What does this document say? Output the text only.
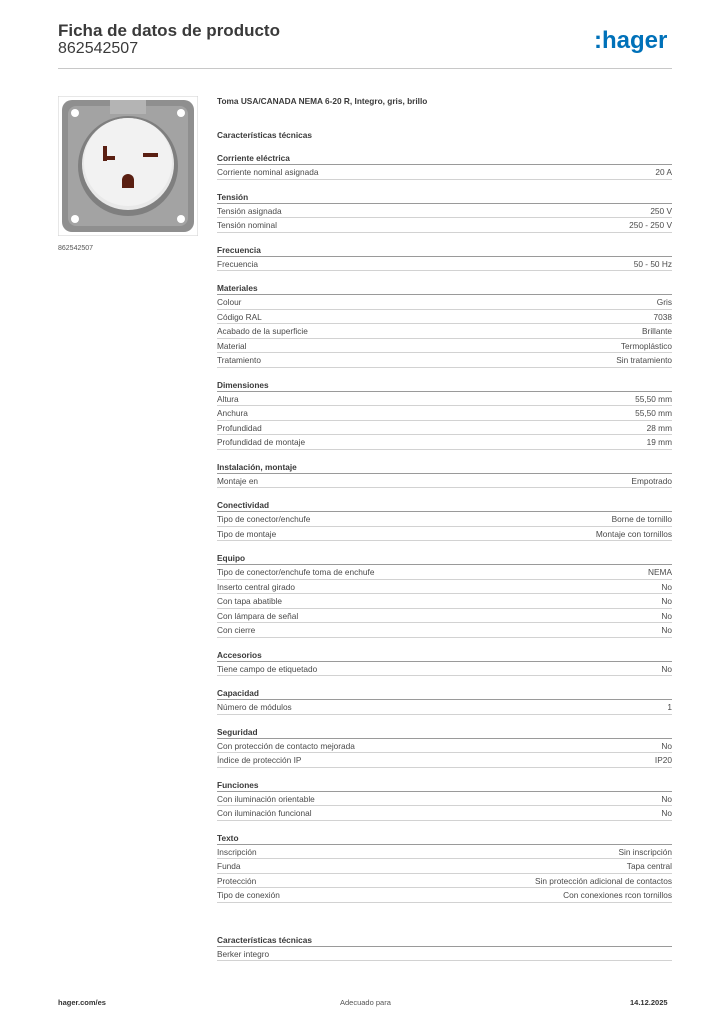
Ficha de datos de producto
862542507	:hager
862542507
Toma USA/CANADA NEMA 6-20 R, Integro, gris, brillo
Características técnicas
Corriente eléctrica
Corriente nominal asignada	20 A
Tensión
Tensión asignada	250 V
Tensión nominal	250 - 250 V
Frecuencia
Frecuencia	50 - 50 Hz
Materiales
Colour	Gris
Código RAL	7038
Acabado de la superficie	Brillante
Material	Termoplástico
Tratamiento	Sin tratamiento
Dimensiones
Altura	55,50 mm
Anchura	55,50 mm
Profundidad	28 mm
Profundidad de montaje	19 mm
Instalación, montaje
Montaje en	Empotrado
Conectividad
Tipo de conector/enchufe	Borne de tornillo
Tipo de montaje	Montaje con tornillos
Equipo
Tipo de conector/enchufe toma de enchufe	NEMA
Inserto central girado	No
Con tapa abatible	No
Con lámpara de señal	No
Con cierre	No
Accesorios
Tiene campo de etiquetado	No
Capacidad
Número de módulos	1
Seguridad
Con protección de contacto mejorada	No
Índice de protección IP	IP20
Funciones
Con iluminación orientable	No
Con iluminación funcional	No
Texto
Inscripción	Sin inscripción
Funda	Tapa central
Protección	Sin protección adicional de contactos
Tipo de conexión	Con conexiones rcon tornillos
Características técnicas
Berker integro
hager.com/es	Adecuado para	14.12.2025
